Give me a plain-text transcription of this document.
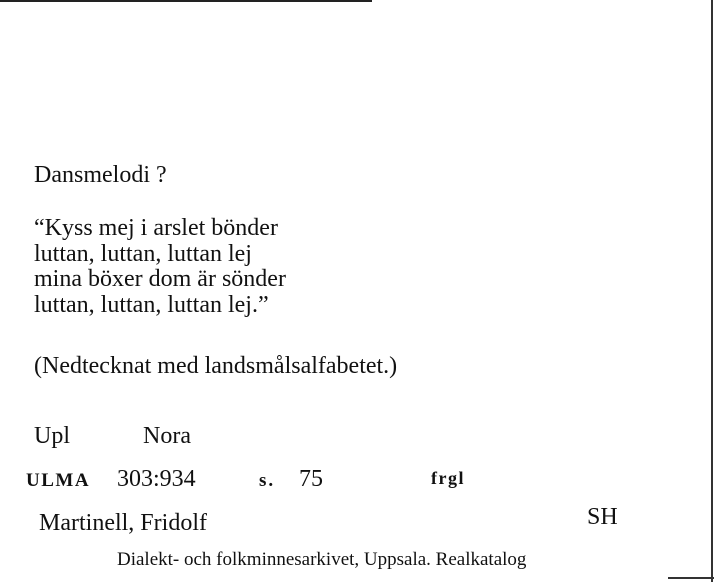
Dansmelodi ?
“Kyss mej i arslet bönder
luttan, luttan, luttan lej
mina böxer dom är sönder
luttan, luttan, luttan lej.”
(Nedtecknat med landsmålsalfabetet.)
Upl	Nora
ULMA 303:934	s. 75	frgl
Martinell, Fridolf	SH
Dialekt- och folkminnesarkivet, Uppsala. Realkatalog
